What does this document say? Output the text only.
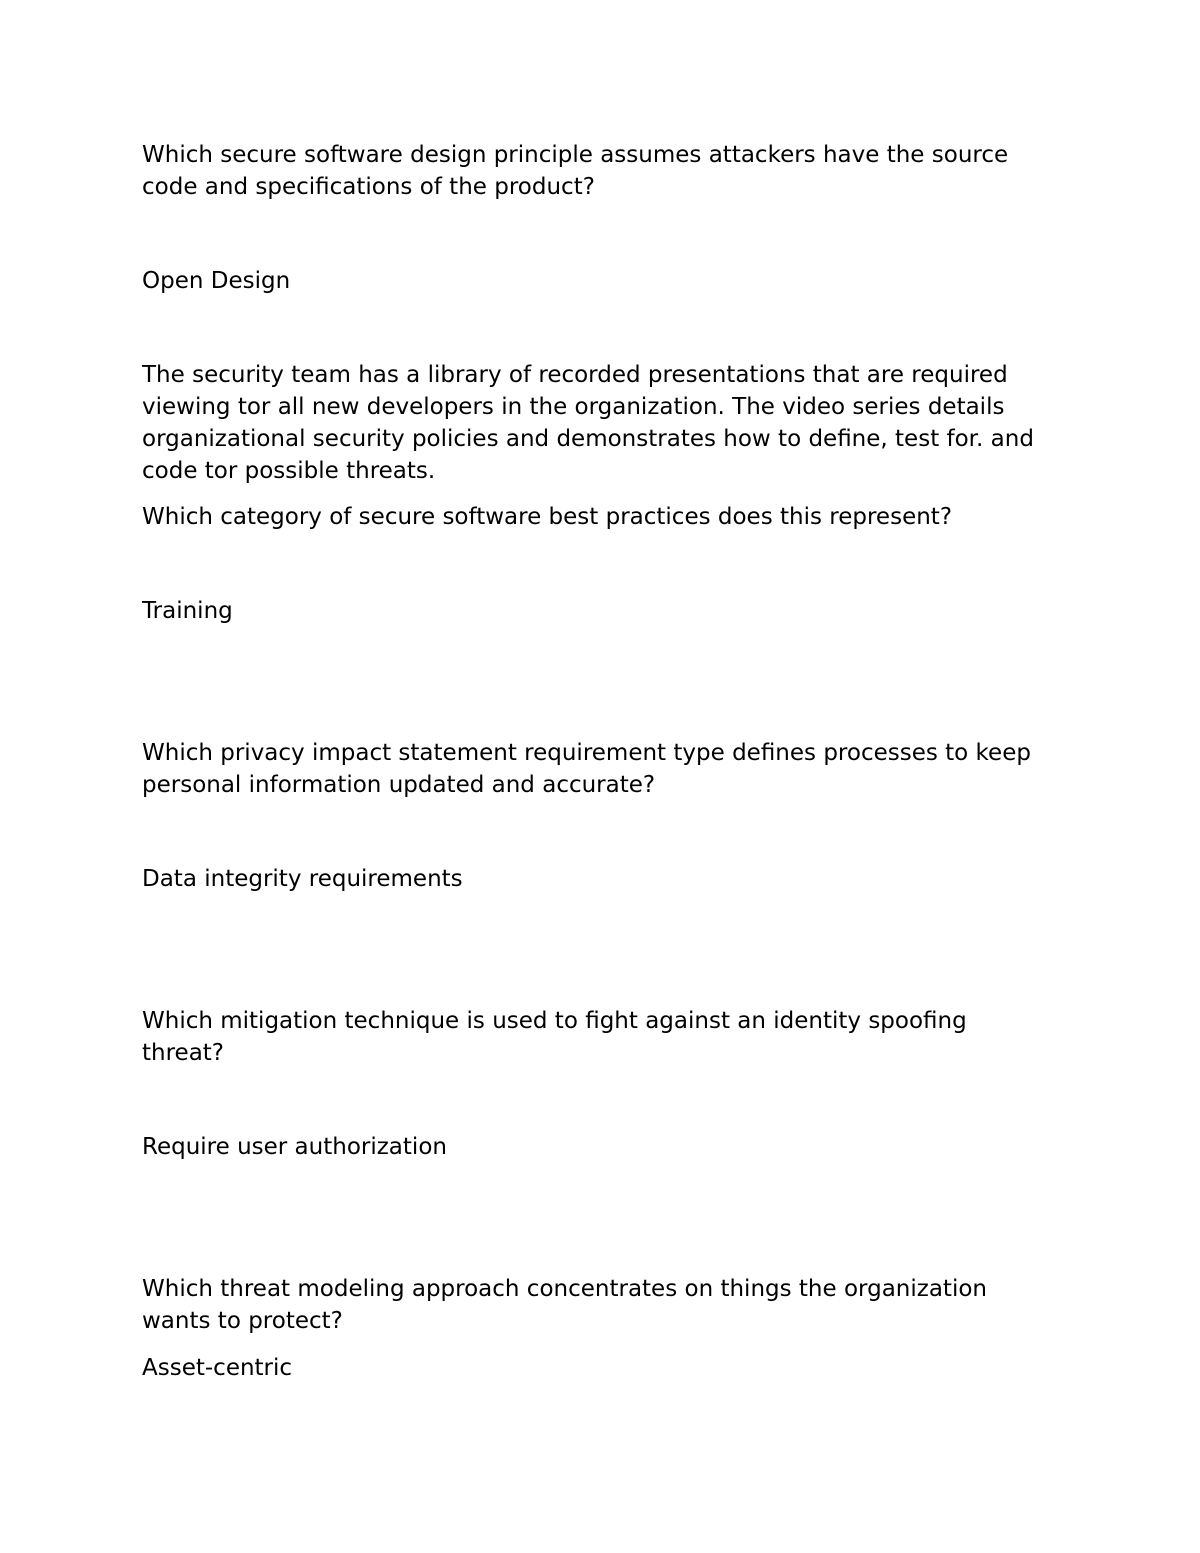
Which secure software design principle assumes attackers have the source
code and specifications of the product?

Open Design

The security team has a library of recorded presentations that are required
viewing tor all new developers in the organization. The video series details
organizational security policies and demonstrates how to define, test for. and
code tor possible threats.

Which category of secure software best practices does this represent?

Training

Which privacy impact statement requirement type defines processes to keep
personal information updated and accurate?

Data integrity requirements

Which mitigation technique is used to fight against an identity spoofing
threat?

Require user authorization

Which threat modeling approach concentrates on things the organization
wants to protect?

Asset-centric
